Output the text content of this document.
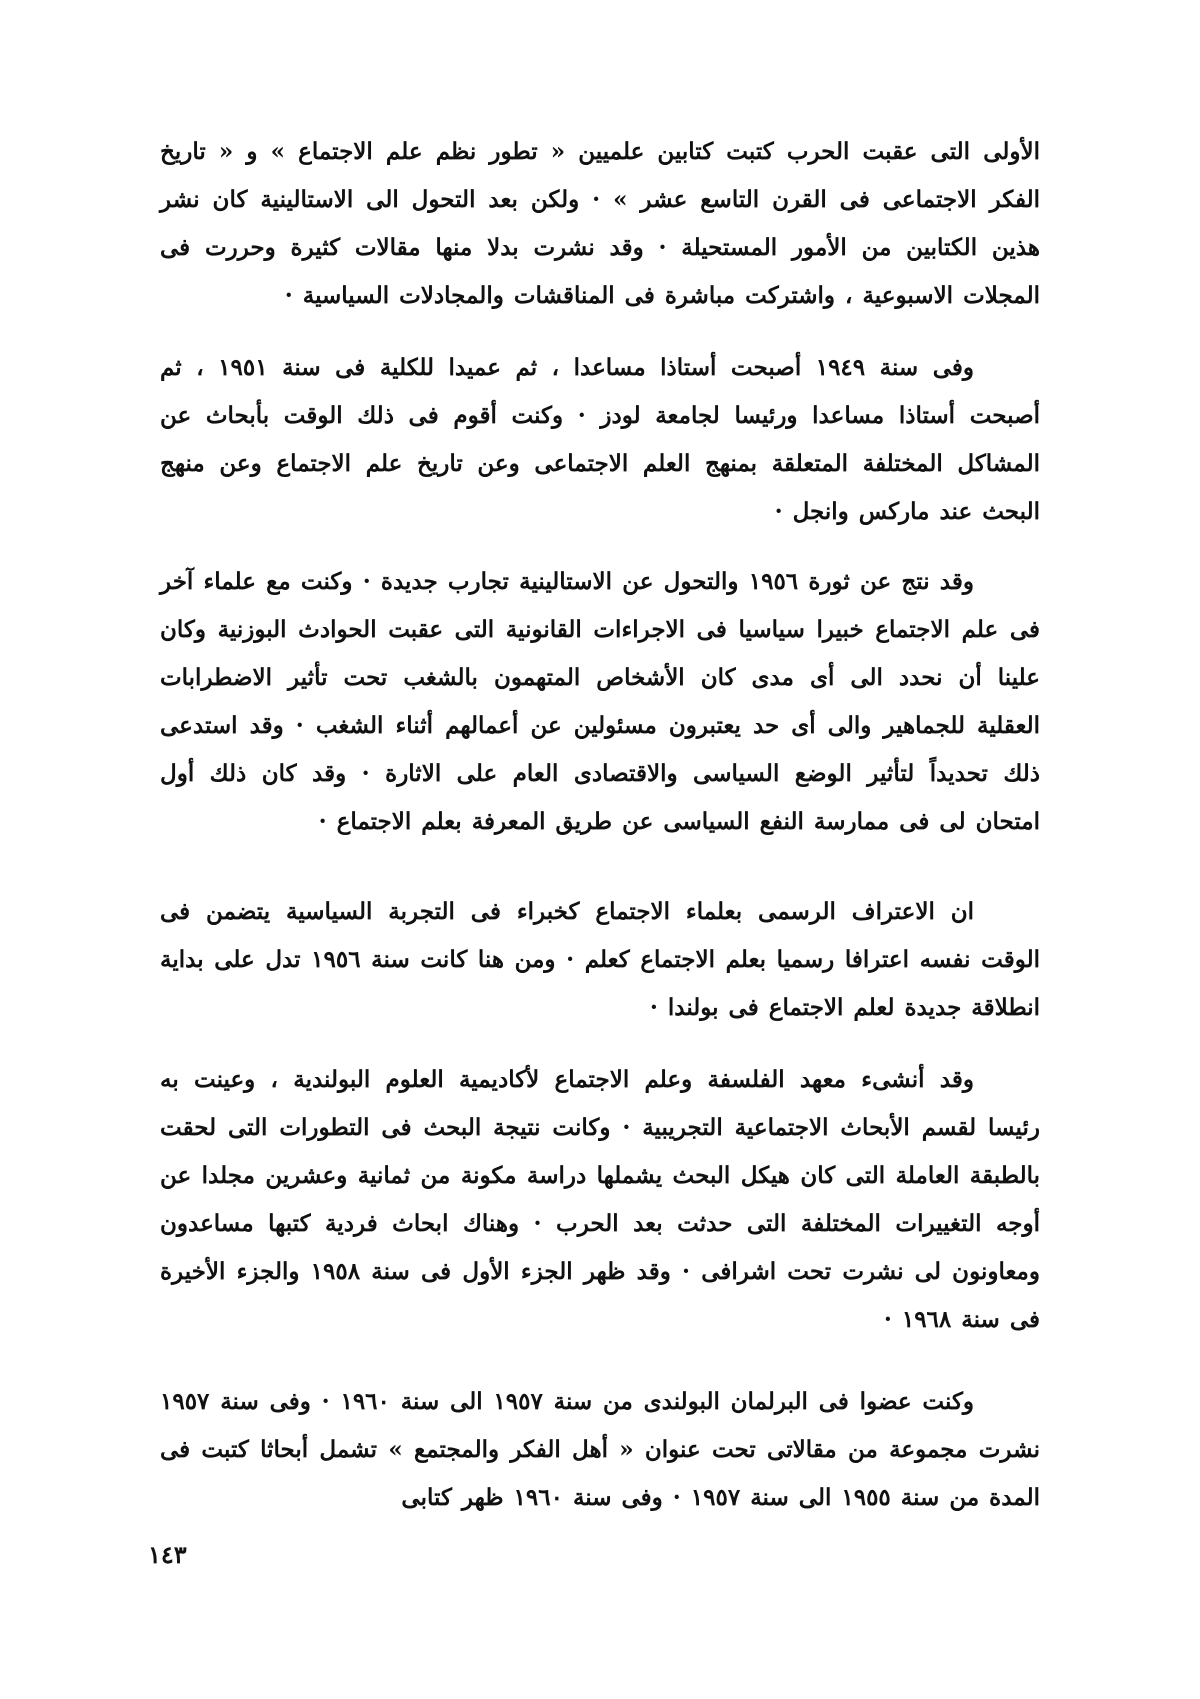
الأولى التى عقبت الحرب كتبت كتابين علميين « تطور نظم علم الاجتماع » و « تاريخ الفكر الاجتماعى فى القرن التاسع عشر » · ولكن بعد التحول الى الاستالينية كان نشر هذين الكتابين من الأمور المستحيلة · وقد نشرت بدلا منها مقالات كثيرة وحررت فى المجلات الاسبوعية ، واشتركت مباشرة فى المناقشات والمجادلات السياسية ·

وفى سنة ١٩٤٩ أصبحت أستاذا مساعدا ، ثم عميدا للكلية فى سنة ١٩٥١ ، ثم أصبحت أستاذا مساعدا ورئيسا لجامعة لودز · وكنت أقوم فى ذلك الوقت بأبحاث عن المشاكل المختلفة المتعلقة بمنهج العلم الاجتماعى وعن تاريخ علم الاجتماع وعن منهج البحث عند ماركس وانجل ·

وقد نتج عن ثورة ١٩٥٦ والتحول عن الاستالينية تجارب جديدة · وكنت مع علماء آخر فى علم الاجتماع خبيرا سياسيا فى الاجراءات القانونية التى عقبت الحوادث البوزنية وكان علينا أن نحدد الى أى مدى كان الأشخاص المتهمون بالشغب تحت تأثير الاضطرابات العقلية للجماهير والى أى حد يعتبرون مسئولين عن أعمالهم أثناء الشغب · وقد استدعى ذلك تحديداً لتأثير الوضع السياسى والاقتصادى العام على الاثارة · وقد كان ذلك أول امتحان لى فى ممارسة النفع السياسى عن طريق المعرفة بعلم الاجتماع ·

ان الاعتراف الرسمى بعلماء الاجتماع كخبراء فى التجربة السياسية يتضمن فى الوقت نفسه اعترافا رسميا بعلم الاجتماع كعلم · ومن هنا كانت سنة ١٩٥٦ تدل على بداية انطلاقة جديدة لعلم الاجتماع فى بولندا ·

وقد أنشىء معهد الفلسفة وعلم الاجتماع لأكاديمية العلوم البولندية ، وعينت به رئيسا لقسم الأبحاث الاجتماعية التجريبية · وكانت نتيجة البحث فى التطورات التى لحقت بالطبقة العاملة التى كان هيكل البحث يشملها دراسة مكونة من ثمانية وعشرين مجلدا عن أوجه التغييرات المختلفة التى حدثت بعد الحرب · وهناك ابحاث فردية كتبها مساعدون ومعاونون لى نشرت تحت اشرافى · وقد ظهر الجزء الأول فى سنة ١٩٥٨ والجزء الأخيرة فى سنة ١٩٦٨ ·

وكنت عضوا فى البرلمان البولندى من سنة ١٩٥٧ الى سنة ١٩٦٠ · وفى سنة ١٩٥٧ نشرت مجموعة من مقالاتى تحت عنوان « أهل الفكر والمجتمع » تشمل أبحاثا كتبت فى المدة من سنة ١٩٥٥ الى سنة ١٩٥٧ · وفى سنة ١٩٦٠ ظهر كتابى

١٤٣
